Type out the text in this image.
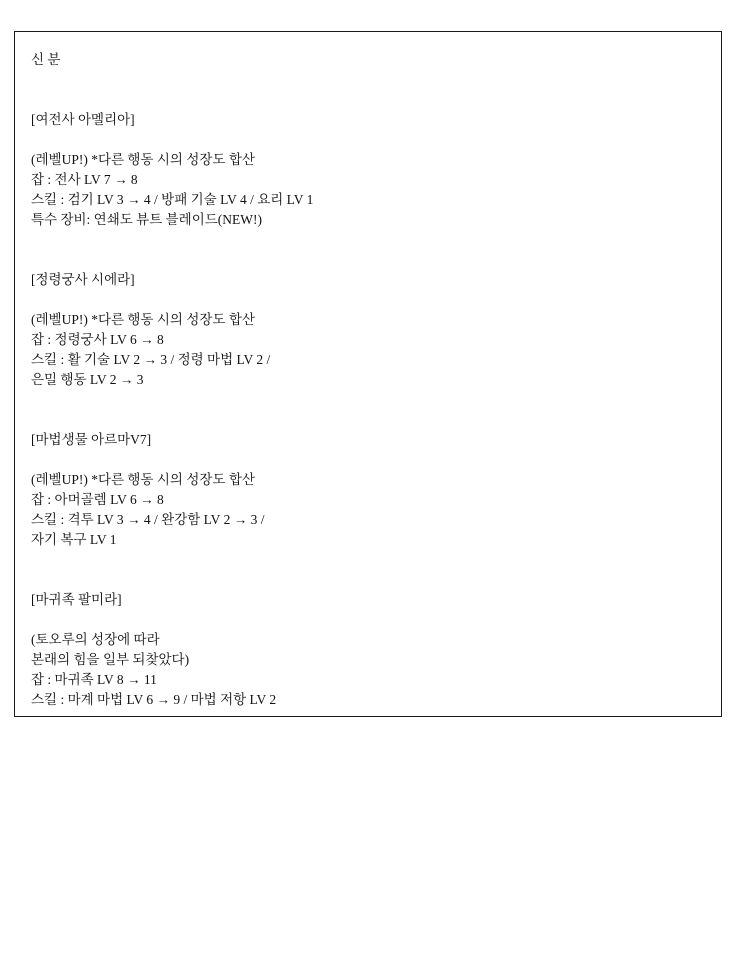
신 분
[여전사 아멜리아]
(레벨UP!) *다른 행동 시의 성장도 합산
잡 : 전사 LV 7 → 8
스킬 : 검기 LV 3 → 4 / 방패 기술 LV 4 / 요리 LV 1
특수 장비: 연쇄도 뷰트 블레이드(NEW!)
[정령궁사 시에라]
(레벨UP!) *다른 행동 시의 성장도 합산
잡 : 정령궁사 LV 6 → 8
스킬 : 활 기술 LV 2 → 3 / 정령 마법 LV 2 /
은밀 행동 LV 2 → 3
[마법생물 아르마V7]
(레벨UP!) *다른 행동 시의 성장도 합산
잡 : 아머골렘 LV 6 → 8
스킬 : 격투 LV 3 → 4 / 완강함 LV 2 → 3 /
자기 복구 LV 1
[마귀족 팔미라]
(토오루의 성장에 따라
본래의 힘을 일부 되찾았다)
잡 : 마귀족 LV 8 → 11
스킬 : 마계 마법 LV 6 → 9 / 마법 저항 LV 2
